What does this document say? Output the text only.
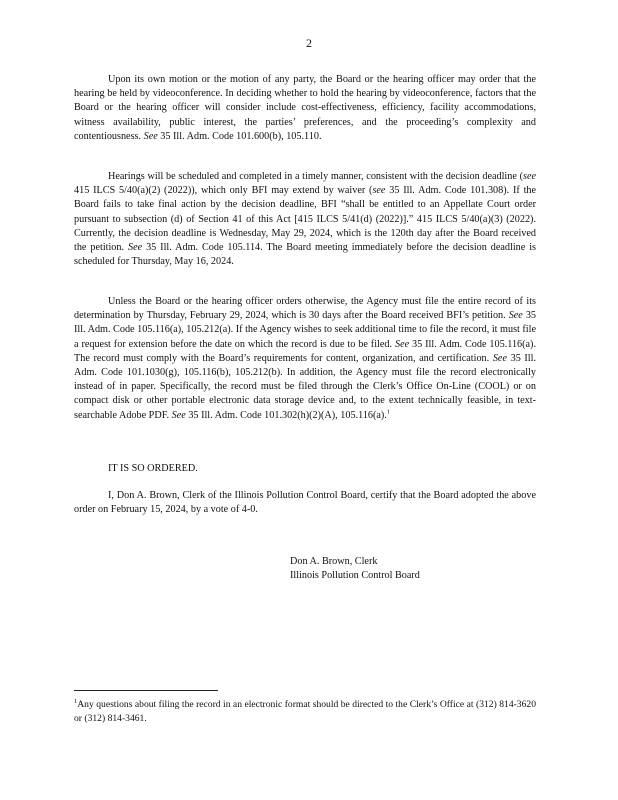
2

Upon its own motion or the motion of any party, the Board or the hearing officer may order that the hearing be held by videoconference. In deciding whether to hold the hearing by videoconference, factors that the Board or the hearing officer will consider include cost-effectiveness, efficiency, facility accommodations, witness availability, public interest, the parties’ preferences, and the proceeding’s complexity and contentiousness. See 35 Ill. Adm. Code 101.600(b), 105.110.

Hearings will be scheduled and completed in a timely manner, consistent with the decision deadline (see 415 ILCS 5/40(a)(2) (2022)), which only BFI may extend by waiver (see 35 Ill. Adm. Code 101.308). If the Board fails to take final action by the decision deadline, BFI “shall be entitled to an Appellate Court order pursuant to subsection (d) of Section 41 of this Act [415 ILCS 5/41(d) (2022)].” 415 ILCS 5/40(a)(3) (2022). Currently, the decision deadline is Wednesday, May 29, 2024, which is the 120th day after the Board received the petition. See 35 Ill. Adm. Code 105.114. The Board meeting immediately before the decision deadline is scheduled for Thursday, May 16, 2024.

Unless the Board or the hearing officer orders otherwise, the Agency must file the entire record of its determination by Thursday, February 29, 2024, which is 30 days after the Board received BFI’s petition. See 35 Ill. Adm. Code 105.116(a), 105.212(a). If the Agency wishes to seek additional time to file the record, it must file a request for extension before the date on which the record is due to be filed. See 35 Ill. Adm. Code 105.116(a). The record must comply with the Board’s requirements for content, organization, and certification. See 35 Ill. Adm. Code 101.1030(g), 105.116(b), 105.212(b). In addition, the Agency must file the record electronically instead of in paper. Specifically, the record must be filed through the Clerk’s Office On-Line (COOL) or on compact disk or other portable electronic data storage device and, to the extent technically feasible, in text-searchable Adobe PDF. See 35 Ill. Adm. Code 101.302(h)(2)(A), 105.116(a).$^1$

IT IS SO ORDERED.

I, Don A. Brown, Clerk of the Illinois Pollution Control Board, certify that the Board adopted the above order on February 15, 2024, by a vote of 4-0.

Don A. Brown, Clerk
Illinois Pollution Control Board

$^1$Any questions about filing the record in an electronic format should be directed to the Clerk’s Office at (312) 814-3620 or (312) 814-3461.
